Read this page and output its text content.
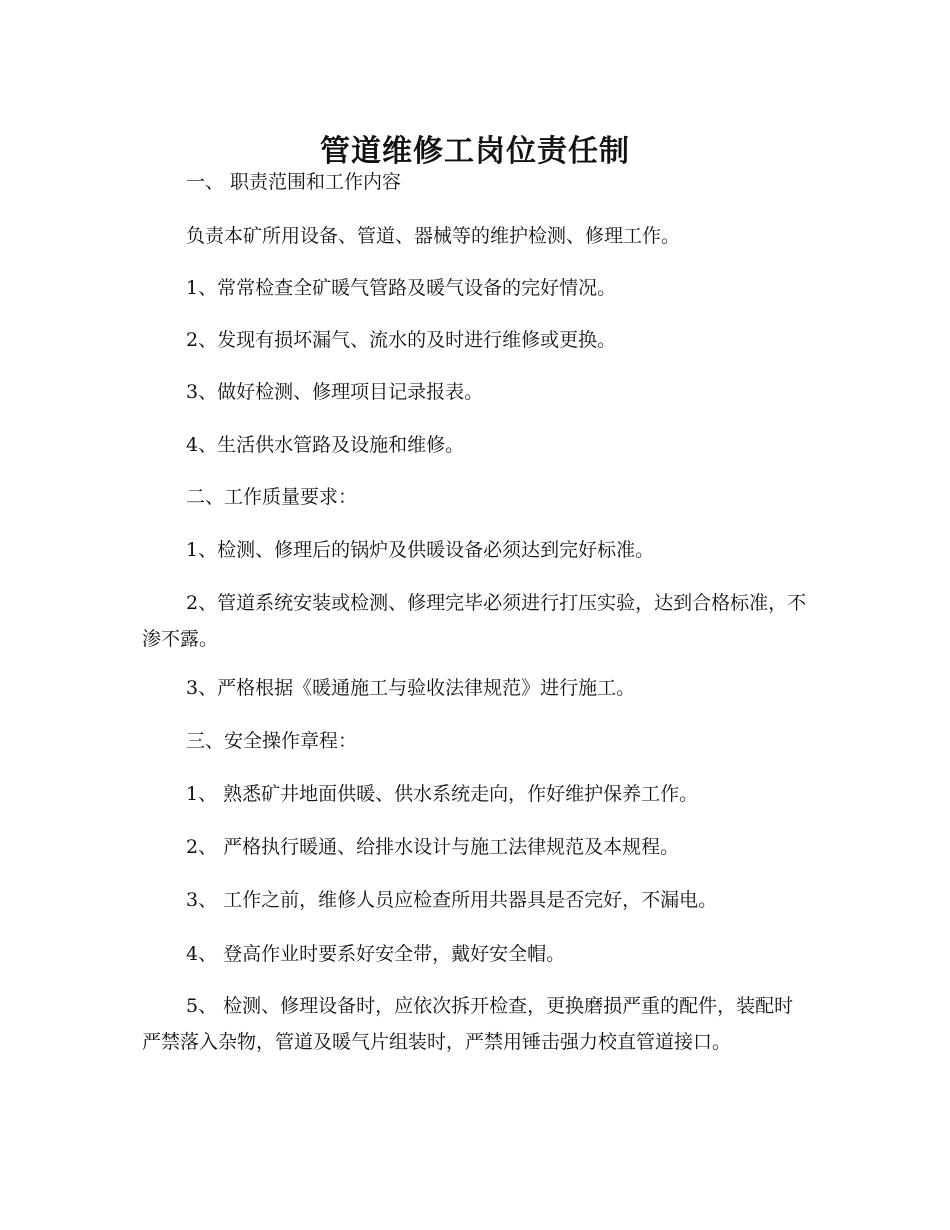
管道维修工岗位责任制

一、 职责范围和工作内容

负责本矿所用设备、管道、器械等的维护检测、修理工作。

1、常常检查全矿暖气管路及暖气设备的完好情况。

2、发现有损坏漏气、流水的及时进行维修或更换。

3、做好检测、修理项目记录报表。

4、生活供水管路及设施和维修。

二、工作质量要求：

1、检测、修理后的锅炉及供暖设备必须达到完好标准。

2、管道系统安装或检测、修理完毕必须进行打压实验，达到合格标准，不渗不露。

3、严格根据《暖通施工与验收法律规范》进行施工。

三、安全操作章程：

1、 熟悉矿井地面供暖、供水系统走向，作好维护保养工作。

2、 严格执行暖通、给排水设计与施工法律规范及本规程。

3、 工作之前，维修人员应检查所用共器具是否完好，不漏电。

4、 登高作业时要系好安全带，戴好安全帽。

5、 检测、修理设备时，应依次拆开检查，更换磨损严重的配件，装配时严禁落入杂物，管道及暖气片组装时，严禁用锤击强力校直管道接口。
